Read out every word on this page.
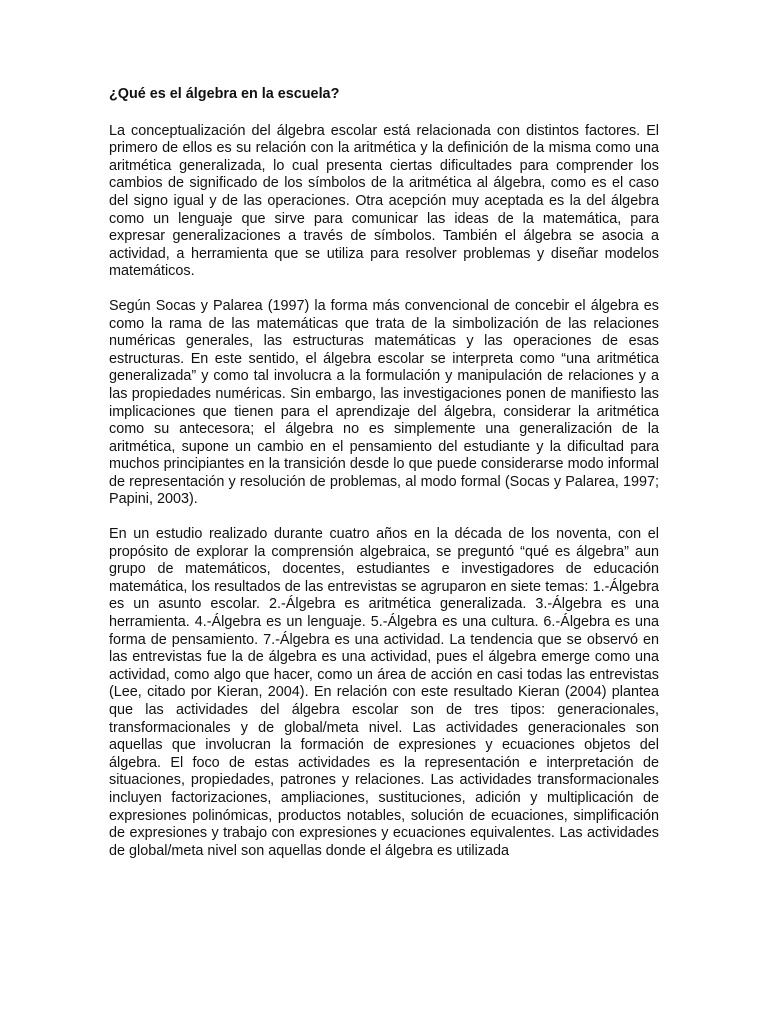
¿Qué es el álgebra en la escuela?

La conceptualización del álgebra escolar está relacionada con distintos factores. El primero de ellos es su relación con la aritmética y la definición de la misma como una aritmética generalizada, lo cual presenta ciertas dificultades para comprender los cambios de significado de los símbolos de la aritmética al álgebra, como es el caso del signo igual y de las operaciones. Otra acepción muy aceptada es la del álgebra como un lenguaje que sirve para comunicar las ideas de la matemática, para expresar generalizaciones a través de símbolos. También el álgebra se asocia a actividad, a herramienta que se utiliza para resolver problemas y diseñar modelos matemáticos.

Según Socas y Palarea (1997) la forma más convencional de concebir el álgebra es como la rama de las matemáticas que trata de la simbolización de las relaciones numéricas generales, las estructuras matemáticas y las operaciones de esas estructuras. En este sentido, el álgebra escolar se interpreta como “una aritmética generalizada” y como tal involucra a la formulación y manipulación de relaciones y a las propiedades numéricas. Sin embargo, las investigaciones ponen de manifiesto las implicaciones que tienen para el aprendizaje del álgebra, considerar la aritmética como su antecesora; el álgebra no es simplemente una generalización de la aritmética, supone un cambio en el pensamiento del estudiante y la dificultad para muchos principiantes en la transición desde lo que puede considerarse modo informal de representación y resolución de problemas, al modo formal (Socas y Palarea, 1997; Papini, 2003).

En un estudio realizado durante cuatro años en la década de los noventa, con el propósito de explorar la comprensión algebraica, se preguntó “qué es álgebra” aun grupo de matemáticos, docentes, estudiantes e investigadores de educación matemática, los resultados de las entrevistas se agruparon en siete temas: 1.-Álgebra es un asunto escolar. 2.-Álgebra es aritmética generalizada. 3.-Álgebra es una herramienta. 4.-Álgebra es un lenguaje. 5.-Álgebra es una cultura. 6.-Álgebra es una forma de pensamiento. 7.-Álgebra es una actividad. La tendencia que se observó en las entrevistas fue la de álgebra es una actividad, pues el álgebra emerge como una actividad, como algo que hacer, como un área de acción en casi todas las entrevistas (Lee, citado por Kieran, 2004). En relación con este resultado Kieran (2004) plantea que las actividades del álgebra escolar son de tres tipos: generacionales, transformacionales y de global/meta nivel. Las actividades generacionales son aquellas que involucran la formación de expresiones y ecuaciones objetos del álgebra. El foco de estas actividades es la representación e interpretación de situaciones, propiedades, patrones y relaciones. Las actividades transformacionales incluyen factorizaciones, ampliaciones, sustituciones, adición y multiplicación de expresiones polinómicas, productos notables, solución de ecuaciones, simplificación de expresiones y trabajo con expresiones y ecuaciones equivalentes. Las actividades de global/meta nivel son aquellas donde el álgebra es utilizada
